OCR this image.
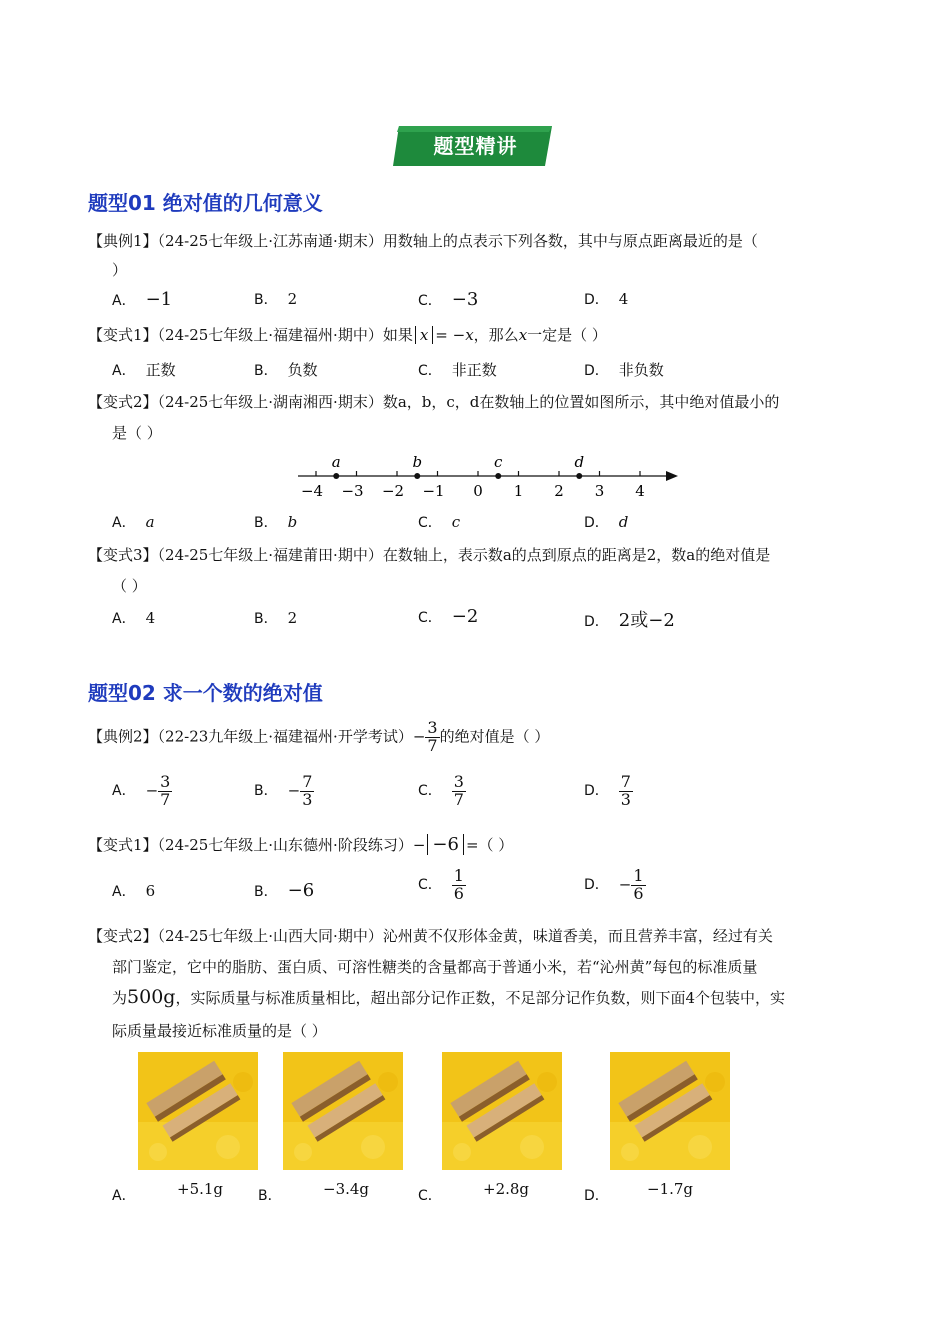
题型精讲
题型01 绝对值的几何意义
【典例1】（24-25七年级上·江苏南通·期末）用数轴上的点表示下列各数，其中与原点距离最近的是（
）
A． −1	B． 2	C． −3	D． 4
【变式1】（24-25七年级上·福建福州·期中）如果 x = −x，那么x一定是（ ）
A． 正数	B． 负数	C． 非正数	D． 非负数
【变式2】（24-25七年级上·湖南湘西·期末）数a，b，c，d在数轴上的位置如图所示，其中绝对值最小的
是（ ）
−4 −3 −2 −1 0 1 2 3 4
a	b	c	d
A． a	B． b	C． c	D． d
【变式3】（24-25七年级上·福建莆田·期中）在数轴上，表示数a的点到原点的距离是2，数a的绝对值是
（ ）
A． 4	B． 2	C． −2	D． 2或−2
题型02 求一个数的绝对值
【典例2】（22-23九年级上·福建福州·开学考试）− $\frac{3}{7}$ 的绝对值是（ ）
A． − $\frac{3}{7}$	B． − $\frac{7}{3}$	C． $\frac{3}{7}$	D． $\frac{7}{3}$
【变式1】（24-25七年级上·山东德州·阶段练习）− −6 =（ ）
A． 6	B． −6	C． $\frac{1}{6}$	D． − $\frac{1}{6}$
【变式2】（24-25七年级上·山西大同·期中）沁州黄不仅形体金黄，味道香美，而且营养丰富，经过有关
部门鉴定，它中的脂肪、蛋白质、可溶性糖类的含量都高于普通小米，若“沁州黄”每包的标准质量
为500g，实际质量与标准质量相比，超出部分记作正数，不足部分记作负数，则下面4个包装中，实
际质量最接近标准质量的是（ ）
A．	+5.1g B．	−3.4g	C．	+2.8g	D．	−1.7g
